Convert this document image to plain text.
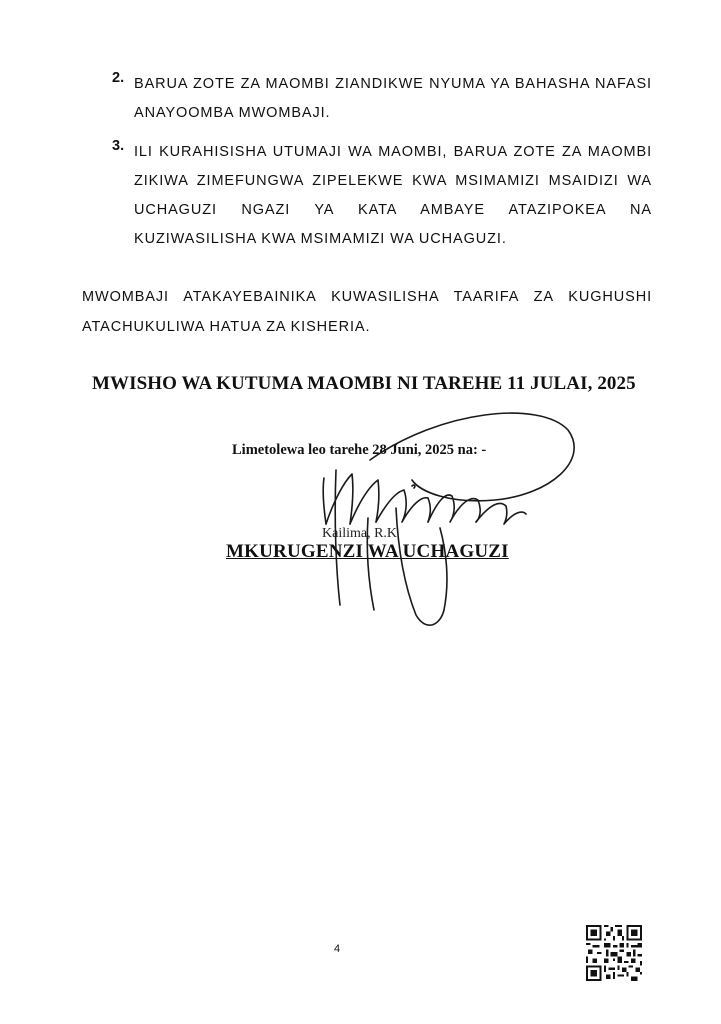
2. BARUA ZOTE ZA MAOMBI ZIANDIKWE NYUMA YA BAHASHA NAFASI ANAYOOMBA MWOMBAJI.
3. ILI KURAHISISHA UTUMAJI WA MAOMBI, BARUA ZOTE ZA MAOMBI ZIKIWA ZIMEFUNGWA ZIPELEKWE KWA MSIMAMIZI MSAIDIZI WA UCHAGUZI NGAZI YA KATA AMBAYE ATAZIPOKEA NA KUZIWASILISHA KWA MSIMAMIZI WA UCHAGUZI.
MWOMBAJI ATAKAYEBAINIKA KUWASILISHA TAARIFA ZA KUGHUSHI ATACHUKULIWA HATUA ZA KISHERIA.
MWISHO WA KUTUMA MAOMBI NI TAREHE 11 JULAI, 2025
Limetolewa leo tarehe 28 Juni, 2025 na: -
Kailima, R.K
MKURUGENZI WA UCHAGUZI
4
